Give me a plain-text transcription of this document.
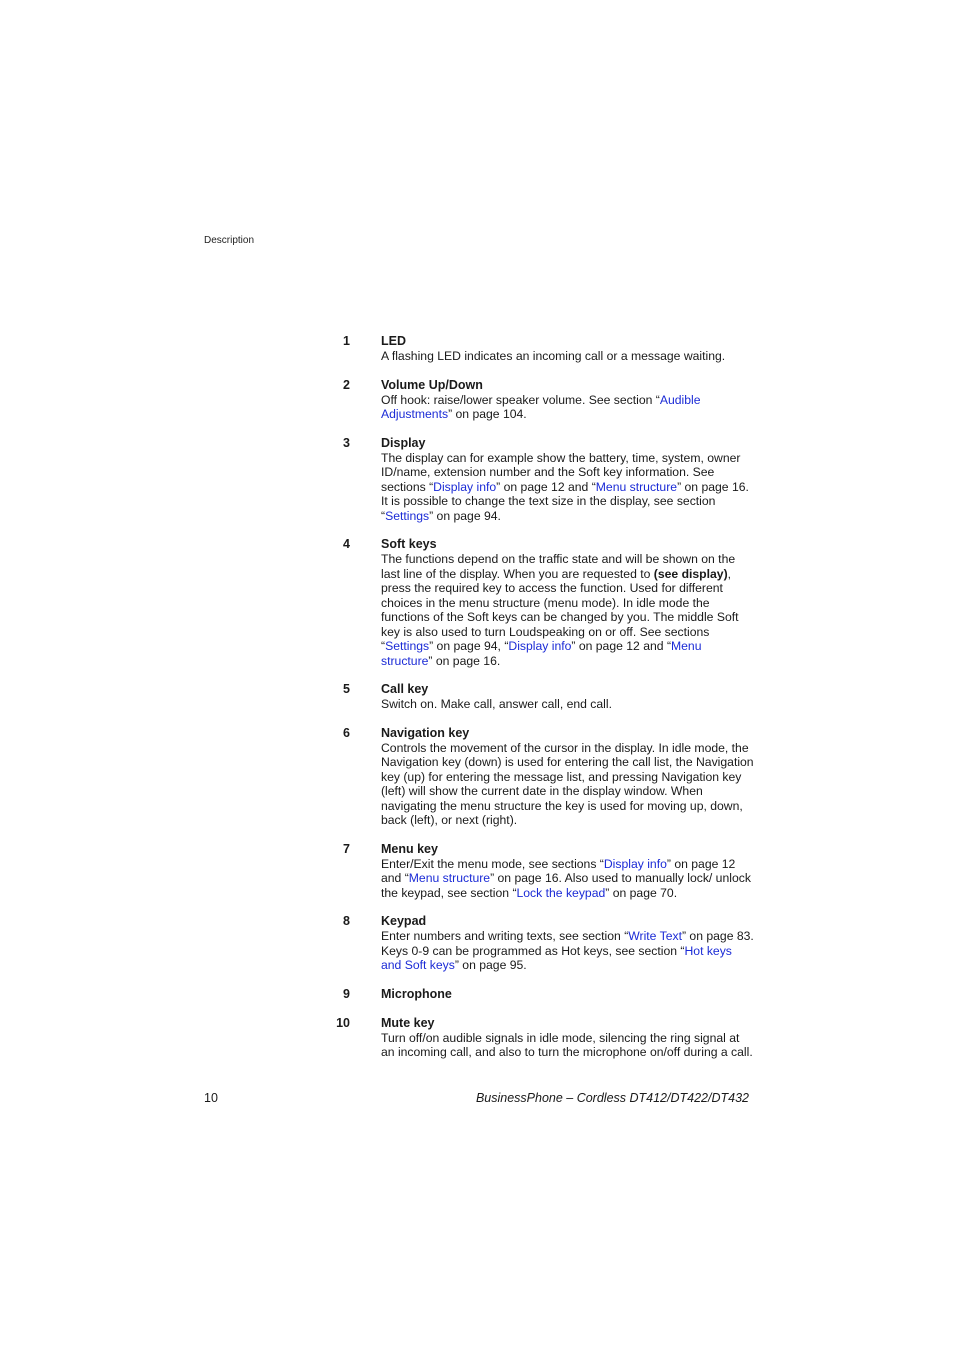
Description
1 LED
A flashing LED indicates an incoming call or a message waiting.
2 Volume Up/Down
Off hook: raise/lower speaker volume. See section “Audible Adjustments” on page 104.
3 Display
The display can for example show the battery, time, system, owner ID/name, extension number and the Soft key information. See sections “Display info” on page 12 and “Menu structure” on page 16. It is possible to change the text size in the display, see section “Settings” on page 94.
4 Soft keys
The functions depend on the traffic state and will be shown on the last line of the display. When you are requested to (see display), press the required key to access the function. Used for different choices in the menu structure (menu mode). In idle mode the functions of the Soft keys can be changed by you. The middle Soft key is also used to turn Loudspeaking on or off. See sections “Settings” on page 94, “Display info” on page 12 and “Menu structure” on page 16.
5 Call key
Switch on. Make call, answer call, end call.
6 Navigation key
Controls the movement of the cursor in the display. In idle mode, the Navigation key (down) is used for entering the call list, the Navigation key (up) for entering the message list, and pressing Navigation key (left) will show the current date in the display window. When navigating the menu structure the key is used for moving up, down, back (left), or next (right).
7 Menu key
Enter/Exit the menu mode, see sections “Display info” on page 12 and “Menu structure” on page 16. Also used to manually lock/ unlock the keypad, see section “Lock the keypad” on page 70.
8 Keypad
Enter numbers and writing texts, see section “Write Text” on page 83. Keys 0-9 can be programmed as Hot keys, see section “Hot keys and Soft keys” on page 95.
9 Microphone
10 Mute key
Turn off/on audible signals in idle mode, silencing the ring signal at an incoming call, and also to turn the microphone on/off during a call.
10	BusinessPhone – Cordless DT412/DT422/DT432
